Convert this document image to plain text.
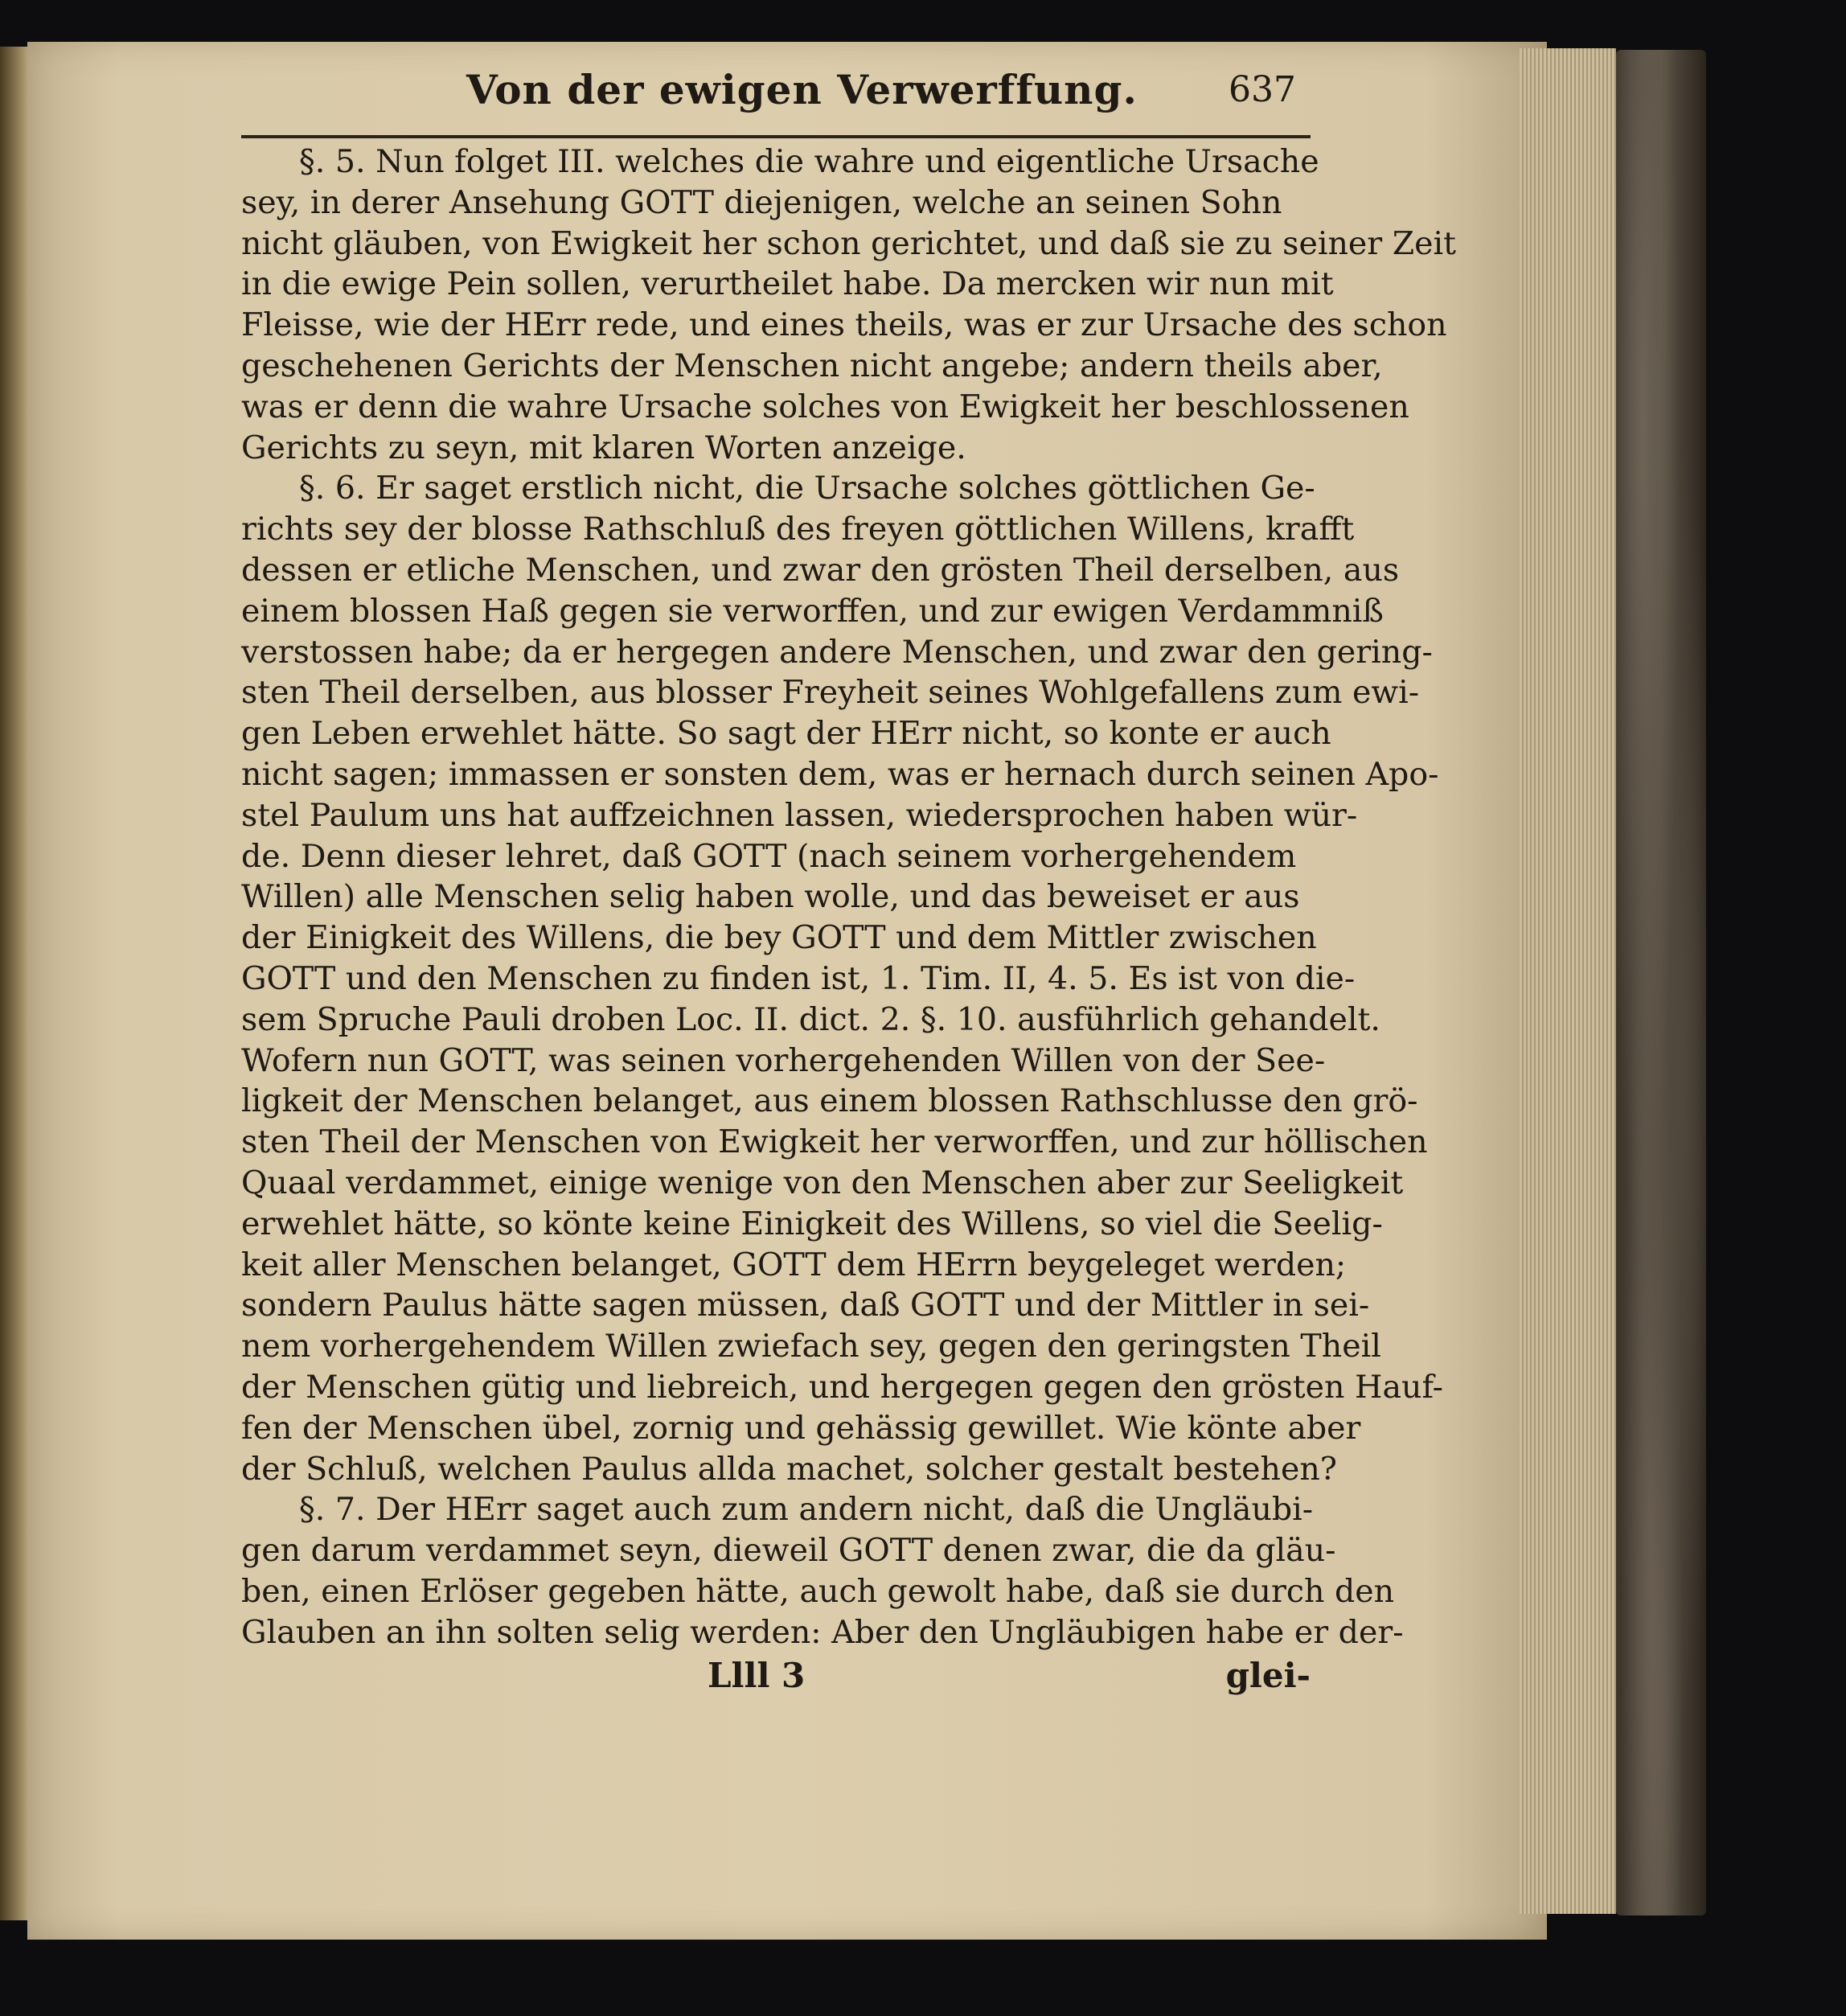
Von der ewigen Verwerffung.	637
§. 5. Nun folget III. welches die wahre und eigentliche Ursache
sey, in derer Ansehung GOTT diejenigen, welche an seinen Sohn
nicht gläuben, von Ewigkeit her schon gerichtet, und daß sie zu seiner Zeit
in die ewige Pein sollen, verurtheilet habe. Da mercken wir nun mit
Fleisse, wie der HErr rede, und eines theils, was er zur Ursache des schon
geschehenen Gerichts der Menschen nicht angebe; andern theils aber,
was er denn die wahre Ursache solches von Ewigkeit her beschlossenen
Gerichts zu seyn, mit klaren Worten anzeige.
§. 6. Er saget erstlich nicht, die Ursache solches göttlichen Ge-
richts sey der blosse Rathschluß des freyen göttlichen Willens, krafft
dessen er etliche Menschen, und zwar den grösten Theil derselben, aus
einem blossen Haß gegen sie verworffen, und zur ewigen Verdammniß
verstossen habe; da er hergegen andere Menschen, und zwar den gering-
sten Theil derselben, aus blosser Freyheit seines Wohlgefallens zum ewi-
gen Leben erwehlet hätte. So sagt der HErr nicht, so konte er auch
nicht sagen; immassen er sonsten dem, was er hernach durch seinen Apo-
stel Paulum uns hat auffzeichnen lassen, wiedersprochen haben wür-
de. Denn dieser lehret, daß GOTT (nach seinem vorhergehendem
Willen) alle Menschen selig haben wolle, und das beweiset er aus
der Einigkeit des Willens, die bey GOTT und dem Mittler zwischen
GOTT und den Menschen zu finden ist, 1. Tim. II, 4. 5. Es ist von die-
sem Spruche Pauli droben Loc. II. dict. 2. §. 10. ausführlich gehandelt.
Wofern nun GOTT, was seinen vorhergehenden Willen von der See-
ligkeit der Menschen belanget, aus einem blossen Rathschlusse den grö-
sten Theil der Menschen von Ewigkeit her verworffen, und zur höllischen
Quaal verdammet, einige wenige von den Menschen aber zur Seeligkeit
erwehlet hätte, so könte keine Einigkeit des Willens, so viel die Seelig-
keit aller Menschen belanget, GOTT dem HErrn beygeleget werden;
sondern Paulus hätte sagen müssen, daß GOTT und der Mittler in sei-
nem vorhergehendem Willen zwiefach sey, gegen den geringsten Theil
der Menschen gütig und liebreich, und hergegen gegen den grösten Hauf-
fen der Menschen übel, zornig und gehässig gewillet. Wie könte aber
der Schluß, welchen Paulus allda machet, solcher gestalt bestehen?
§. 7. Der HErr saget auch zum andern nicht, daß die Ungläubi-
gen darum verdammet seyn, dieweil GOTT denen zwar, die da gläu-
ben, einen Erlöser gegeben hätte, auch gewolt habe, daß sie durch den
Glauben an ihn solten selig werden: Aber den Ungläubigen habe er der-
Llll 3	glei-
